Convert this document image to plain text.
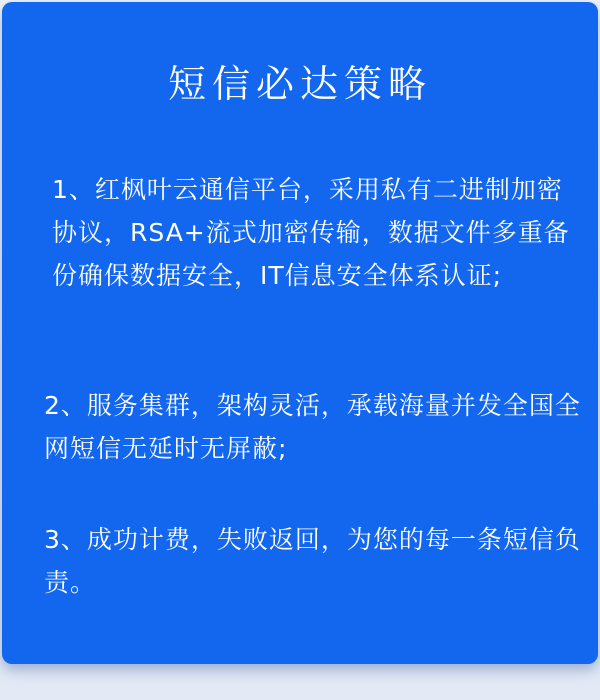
短信必达策略

1、红枫叶云通信平台，采用私有二进制加密协议，RSA+流式加密传输，数据文件多重备份确保数据安全，IT信息安全体系认证;

2、服务集群，架构灵活，承载海量并发全国全网短信无延时无屏蔽;

3、成功计费，失败返回，为您的每一条短信负责。
